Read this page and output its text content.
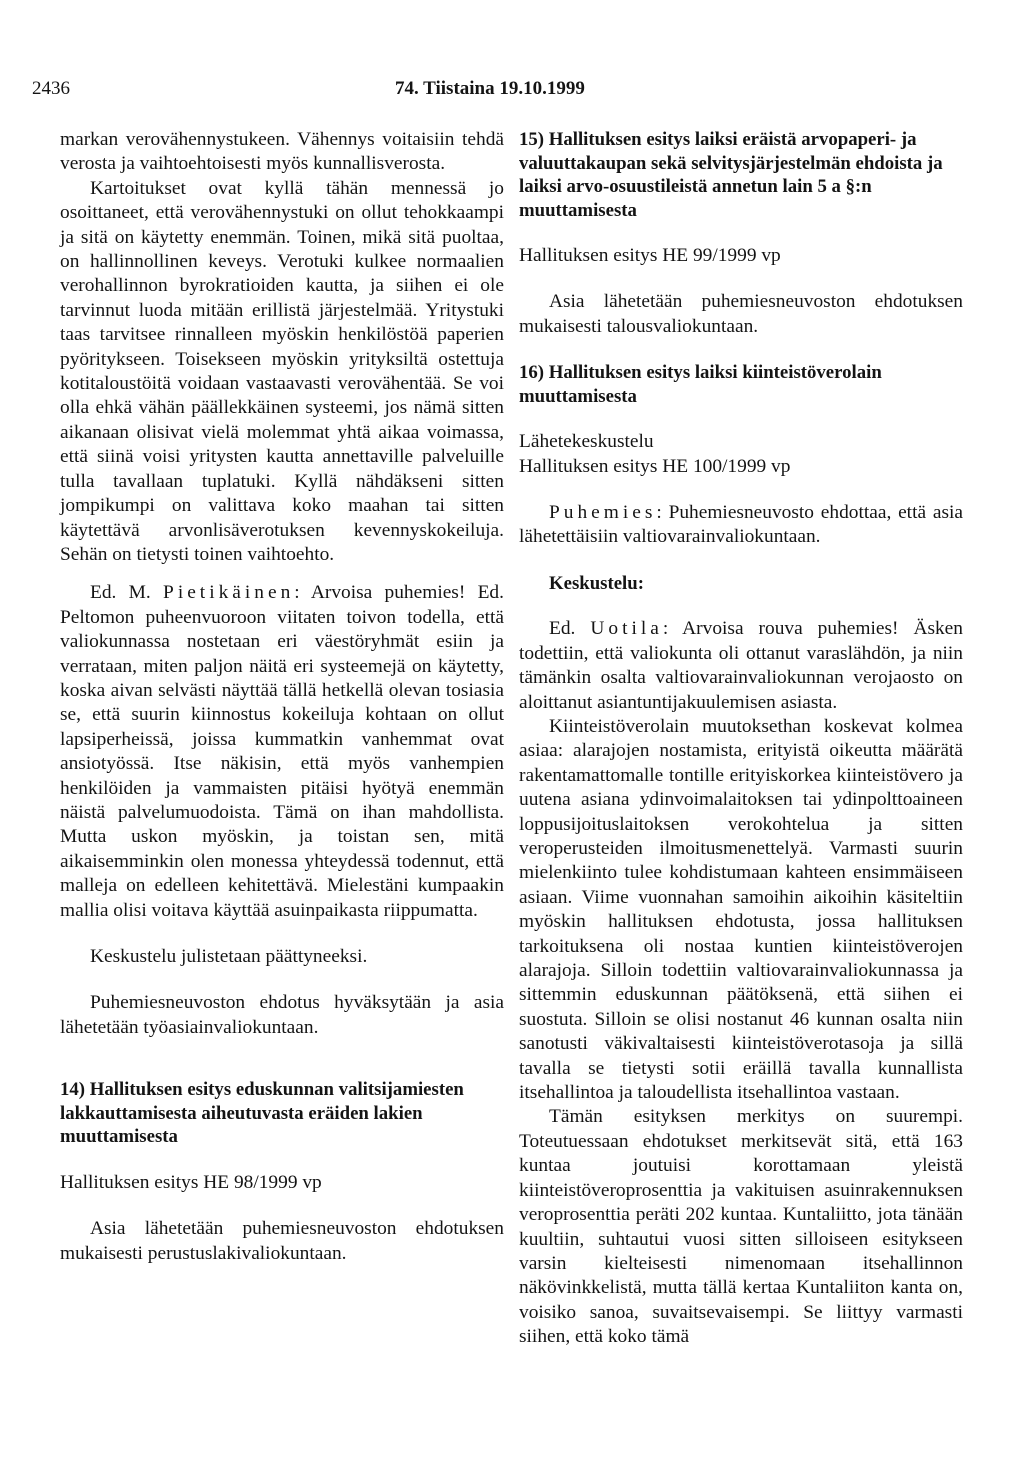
2436	74. Tiistaina 19.10.1999

markan verovähennystukeen. Vähennys voitaisiin tehdä verosta ja vaihtoehtoisesti myös kunnallisverosta.

Kartoitukset ovat kyllä tähän mennessä jo osoittaneet, että verovähennystuki on ollut tehokkaampi ja sitä on käytetty enemmän. Toinen, mikä sitä puoltaa, on hallinnollinen keveys. Verotuki kulkee normaalien verohallinnon byrokratioiden kautta, ja siihen ei ole tarvinnut luoda mitään erillistä järjestelmää. Yritystuki taas tarvitsee rinnalleen myöskin henkilöstöä paperien pyöritykseen. Toisekseen myöskin yrityksiltä ostettuja kotitaloustöitä voidaan vastaavasti verovähentää. Se voi olla ehkä vähän päällekkäinen systeemi, jos nämä sitten aikanaan olisivat vielä molemmat yhtä aikaa voimassa, että siinä voisi yritysten kautta annettaville palveluille tulla tavallaan tuplatuki. Kyllä nähdäkseni sitten jompikumpi on valittava koko maahan tai sitten käytettävä arvonlisäverotuksen kevennyskokeiluja. Sehän on tietysti toinen vaihtoehto.

Ed. M. Pietikäinen: Arvoisa puhemies! Ed. Peltomon puheenvuoroon viitaten toivon todella, että valiokunnassa nostetaan eri väestöryhmät esiin ja verrataan, miten paljon näitä eri systeemejä on käytetty, koska aivan selvästi näyttää tällä hetkellä olevan tosiasia se, että suurin kiinnostus kokeiluja kohtaan on ollut lapsiperheissä, joissa kummatkin vanhemmat ovat ansiotyössä. Itse näkisin, että myös vanhempien henkilöiden ja vammaisten pitäisi hyötyä enemmän näistä palvelumuodoista. Tämä on ihan mahdollista. Mutta uskon myöskin, ja toistan sen, mitä aikaisemminkin olen monessa yhteydessä todennut, että malleja on edelleen kehitettävä. Mielestäni kumpaakin mallia olisi voitava käyttää asuinpaikasta riippumatta.

Keskustelu julistetaan päättyneeksi.

Puhemiesneuvoston ehdotus hyväksytään ja asia lähetetään työasiainvaliokuntaan.

14) Hallituksen esitys eduskunnan valitsijamiesten lakkauttamisesta aiheutuvasta eräiden lakien muuttamisesta

Hallituksen esitys HE 98/1999 vp

Asia lähetetään puhemiesneuvoston ehdotuksen mukaisesti perustuslakivaliokuntaan.

15) Hallituksen esitys laiksi eräistä arvopaperi- ja valuuttakaupan sekä selvitysjärjestelmän ehdoista ja laiksi arvo-osuustileistä annetun lain 5 a §:n muuttamisesta

Hallituksen esitys HE 99/1999 vp

Asia lähetetään puhemiesneuvoston ehdotuksen mukaisesti talousvaliokuntaan.

16) Hallituksen esitys laiksi kiinteistöverolain muuttamisesta

Lähetekeskustelu

Hallituksen esitys HE 100/1999 vp

Puhemies: Puhemiesneuvosto ehdottaa, että asia lähetettäisiin valtiovarainvaliokuntaan.

Keskustelu:

Ed. Uotila: Arvoisa rouva puhemies! Äsken todettiin, että valiokunta oli ottanut varaslähdön, ja niin tämänkin osalta valtiovarainvaliokunnan verojaosto on aloittanut asiantuntijakuulemisen asiasta.

Kiinteistöverolain muutoksethan koskevat kolmea asiaa: alarajojen nostamista, erityistä oikeutta määrätä rakentamattomalle tontille erityiskorkea kiinteistövero ja uutena asiana ydinvoimalaitoksen tai ydinpolttoaineen loppusijoituslaitoksen verokohtelua ja sitten veroperusteiden ilmoitusmenettelyä. Varmasti suurin mielenkiinto tulee kohdistumaan kahteen ensimmäiseen asiaan. Viime vuonnahan samoihin aikoihin käsiteltiin myöskin hallituksen ehdotusta, jossa hallituksen tarkoituksena oli nostaa kuntien kiinteistöverojen alarajoja. Silloin todettiin valtiovarainvaliokunnassa ja sittemmin eduskunnan päätöksenä, että siihen ei suostuta. Silloin se olisi nostanut 46 kunnan osalta niin sanotusti väkivaltaisesti kiinteistöverotasoja ja sillä tavalla se tietysti sotii eräillä tavalla kunnallista itsehallintoa ja taloudellista itsehallintoa vastaan.

Tämän esityksen merkitys on suurempi. Toteutuessaan ehdotukset merkitsevät sitä, että 163 kuntaa joutuisi korottamaan yleistä kiinteistöveroprosenttia ja vakituisen asuinrakennuksen veroprosenttia peräti 202 kuntaa. Kuntaliitto, jota tänään kuultiin, suhtautui vuosi sitten silloiseen esitykseen varsin kielteisesti nimenomaan itsehallinnon näkövinkkelistä, mutta tällä kertaa Kuntaliiton kanta on, voisiko sanoa, suvaitsevaisempi. Se liittyy varmasti siihen, että koko tämä
